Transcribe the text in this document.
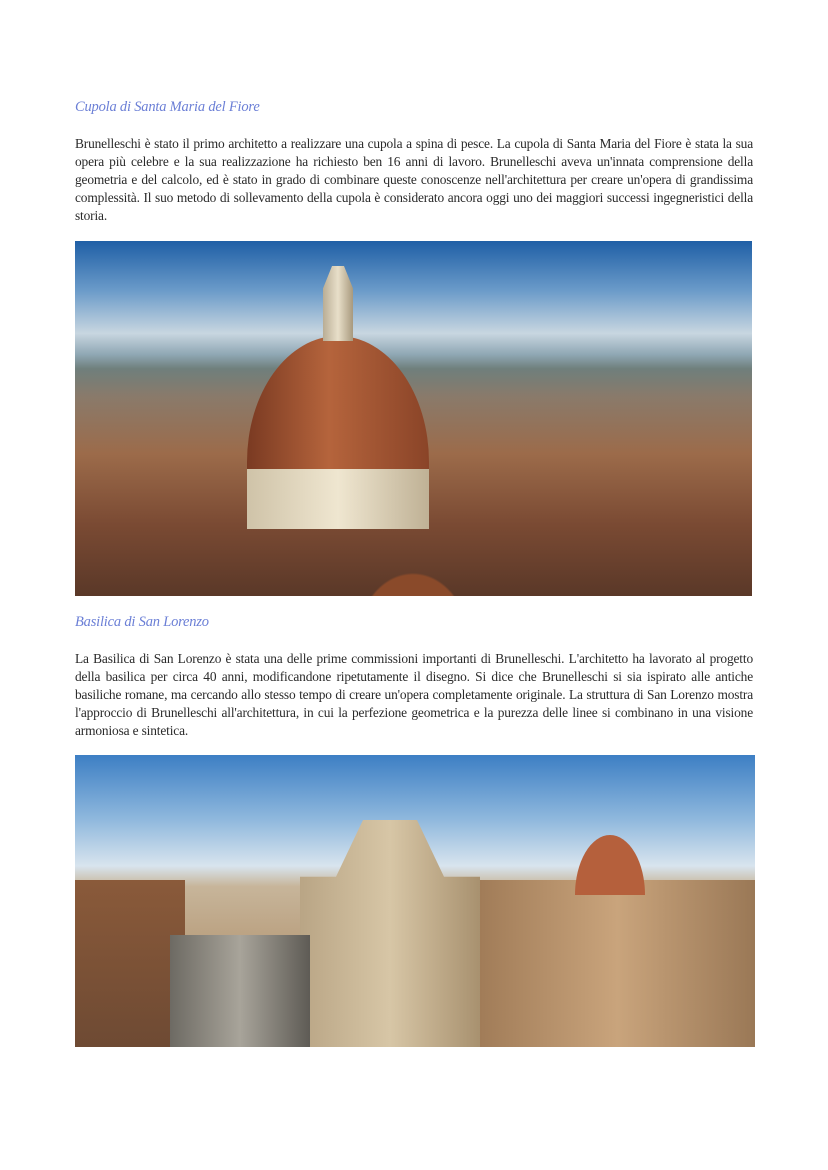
Cupola di Santa Maria del Fiore

Brunelleschi è stato il primo architetto a realizzare una cupola a spina di pesce. La cupola di Santa Maria del Fiore è stata la sua opera più celebre e la sua realizzazione ha richiesto ben 16 anni di lavoro. Brunelleschi aveva un'innata comprensione della geometria e del calcolo, ed è stato in grado di combinare queste conoscenze nell'architettura per creare un'opera di grandissima complessità. Il suo metodo di sollevamento della cupola è considerato ancora oggi uno dei maggiori successi ingegneristici della storia.

Basilica di San Lorenzo

La Basilica di San Lorenzo è stata una delle prime commissioni importanti di Brunelleschi. L'architetto ha lavorato al progetto della basilica per circa 40 anni, modificandone ripetutamente il disegno. Si dice che Brunelleschi si sia ispirato alle antiche basiliche romane, ma cercando allo stesso tempo di creare un'opera completamente originale. La struttura di San Lorenzo mostra l'approccio di Brunelleschi all'architettura, in cui la perfezione geometrica e la purezza delle linee si combinano in una visione armoniosa e sintetica.
